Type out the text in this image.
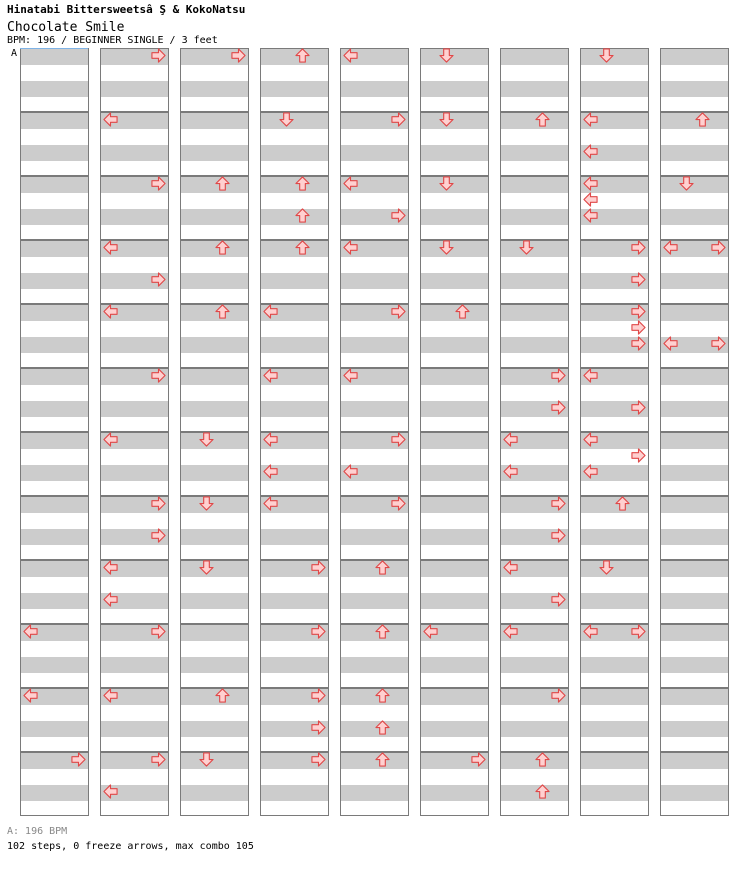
Hinatabi Bittersweetsâ Ş & KokoNatsu
Chocolate Smile
BPM: 196 / BEGINNER SINGLE / 3 feet
A
A: 196 BPM
102 steps, 0 freeze arrows, max combo 105
